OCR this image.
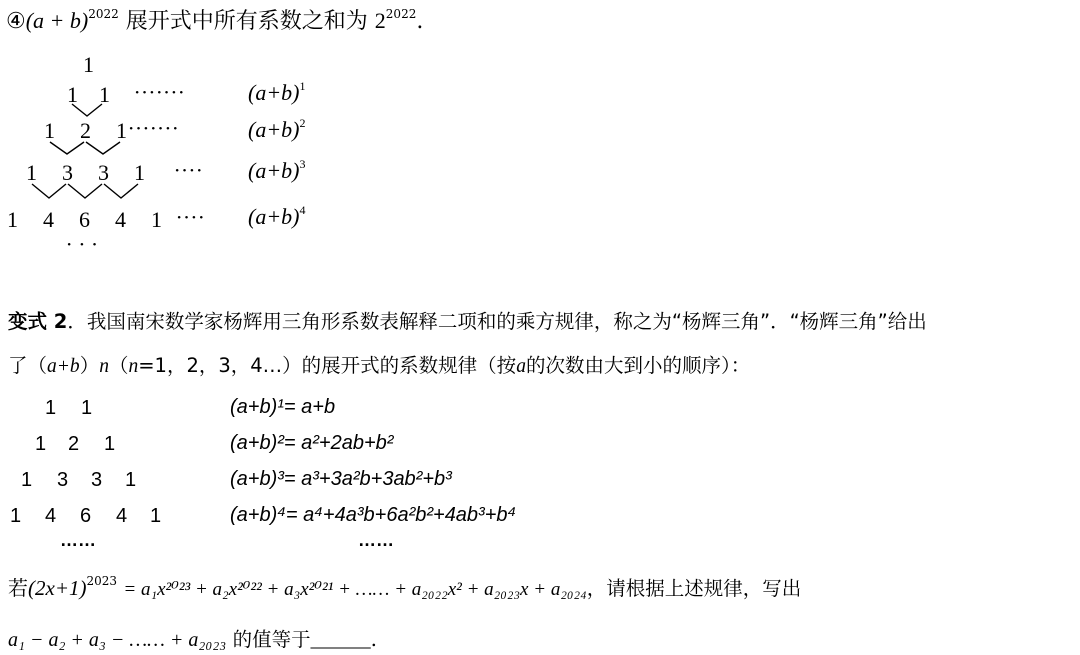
④(a + b)$^{2022}$ 展开式中所有系数之和为 $2^{2022}$.
1
1 1 ·······
1 2 1 ·······
1 3 3 1 ····
1 4 6 4 1 ····
· · ·
$(a+b)^1$
$(a+b)^2$
$(a+b)^3$
$(a+b)^4$
变式 2．我国南宋数学家杨辉用三角形系数表解释二项和的乘方规律，称之为“杨辉三角”．“杨辉三角”给出
了（a+b）n（n=1，2，3，4…）的展开式的系数规律（按a的次数由大到小的顺序）：
1 1
1 2 1
1 3 3 1
1 4 6 4 1
……	……
(a+b)¹= a+b
(a+b)²= a²+2ab+b²
(a+b)³= a³+3a²b+3ab²+b³
(a+b)⁴= a⁴+4a³b+6a²b²+4ab³+b⁴
若$(2x+1)^{2023} = a_1x^{2023} + a_2x^{2022} + a_3x^{2021}$ + …… + a₂₀₂₂x² + a₂₀₂₃x + a₂₀₂₄，请根据上述规律，写出
a₁ − a₂ + a₃ − …… + a₂₀₂₃ 的值等于______.
